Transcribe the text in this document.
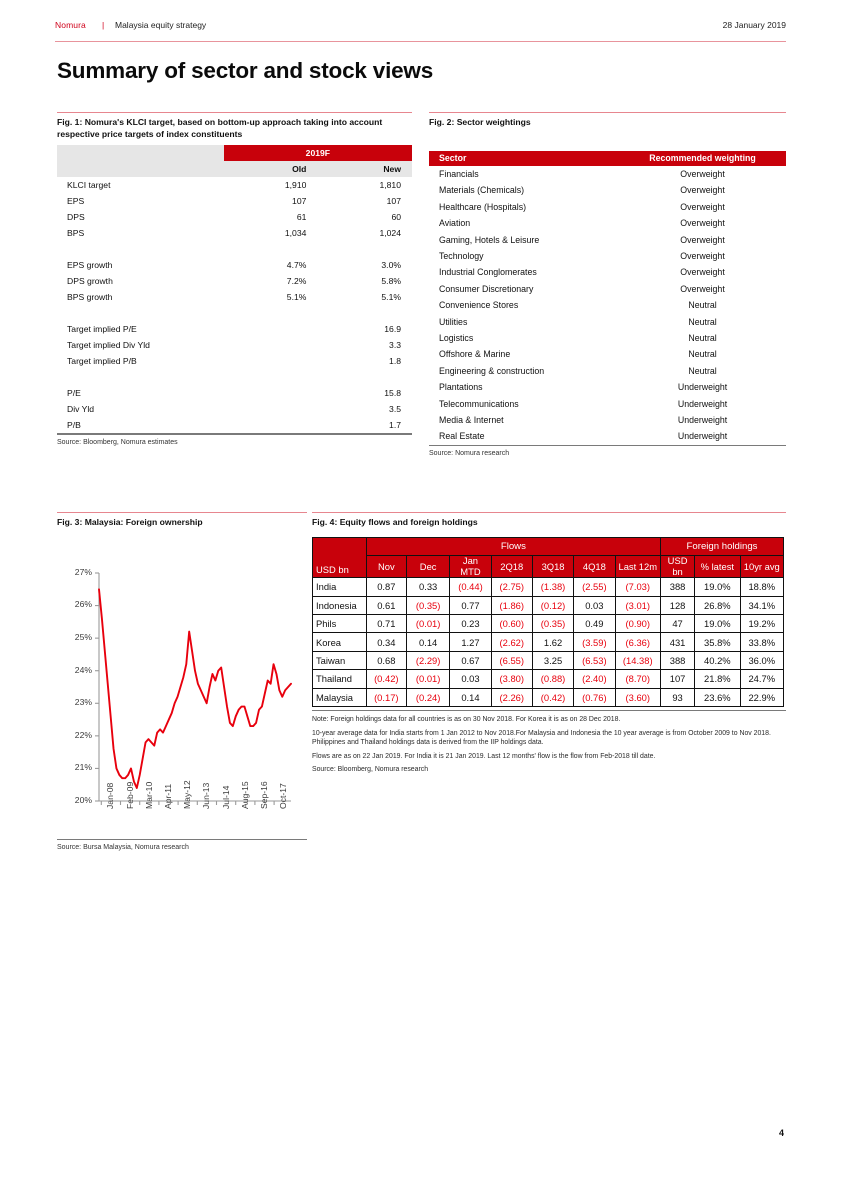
Nomura | Malaysia equity strategy	28 January 2019
Summary of sector and stock views
Fig. 1: Nomura's KLCI target, based on bottom-up approach taking into account respective price targets of index constituents
	2019F	
	Old	New
KLCI target	1,910	1,810
EPS	107	107
DPS	61	60
BPS	1,034	1,024

EPS growth	4.7%	3.0%
DPS growth	7.2%	5.8%
BPS growth	5.1%	5.1%

Target implied P/E		16.9
Target implied Div Yld		3.3
Target implied P/B		1.8

P/E		15.8
Div Yld		3.5
P/B		1.7
Source: Bloomberg, Nomura estimates
Fig. 2: Sector weightings
Sector	Recommended weighting
Financials	Overweight
Materials (Chemicals)	Overweight
Healthcare (Hospitals)	Overweight
Aviation	Overweight
Gaming, Hotels & Leisure	Overweight
Technology	Overweight
Industrial Conglomerates	Overweight
Consumer Discretionary	Overweight
Convenience Stores	Neutral
Utilities	Neutral
Logistics	Neutral
Offshore & Marine	Neutral
Engineering & construction	Neutral
Plantations	Underweight
Telecommunications	Underweight
Media & Internet	Underweight
Real Estate	Underweight
Source: Nomura research
Fig. 3: Malaysia: Foreign ownership
20%
21%
22%
23%
24%
25%
26%
27%
Jan-08 Feb-09 Mar-10 Apr-11 May-12 Jun-13 Jul-14 Aug-15 Sep-16 Oct-17
Source: Bursa Malaysia, Nomura research
Fig. 4: Equity flows and foreign holdings
USD bn	Flows							Foreign holdings		
	Nov	Dec	Jan MTD	2Q18	3Q18	4Q18	Last 12m	USD bn	% latest	10yr avg
India	0.87	0.33	(0.44)	(2.75)	(1.38)	(2.55)	(7.03)	388	19.0%	18.8%
Indonesia	0.61	(0.35)	0.77	(1.86)	(0.12)	0.03	(3.01)	128	26.8%	34.1%
Phils	0.71	(0.01)	0.23	(0.60)	(0.35)	0.49	(0.90)	47	19.0%	19.2%
Korea	0.34	0.14	1.27	(2.62)	1.62	(3.59)	(6.36)	431	35.8%	33.8%
Taiwan	0.68	(2.29)	0.67	(6.55)	3.25	(6.53)	(14.38)	388	40.2%	36.0%
Thailand	(0.42)	(0.01)	0.03	(3.80)	(0.88)	(2.40)	(8.70)	107	21.8%	24.7%
Malaysia	(0.17)	(0.24)	0.14	(2.26)	(0.42)	(0.76)	(3.60)	93	23.6%	22.9%
Note: Foreign holdings data for all countries is as on 30 Nov 2018. For Korea it is as on 28 Dec 2018.
10-year average data for India starts from 1 Jan 2012 to Nov 2018.For Malaysia and Indonesia the 10 year average is from October 2009 to Nov 2018. Philippines and Thailand holdings data is derived from the IIP holdings data.
Flows are as on 22 Jan 2019. For India it is 21 Jan 2019. Last 12 months' flow is the flow from Feb-2018 till date.
Source: Bloomberg, Nomura research
4
